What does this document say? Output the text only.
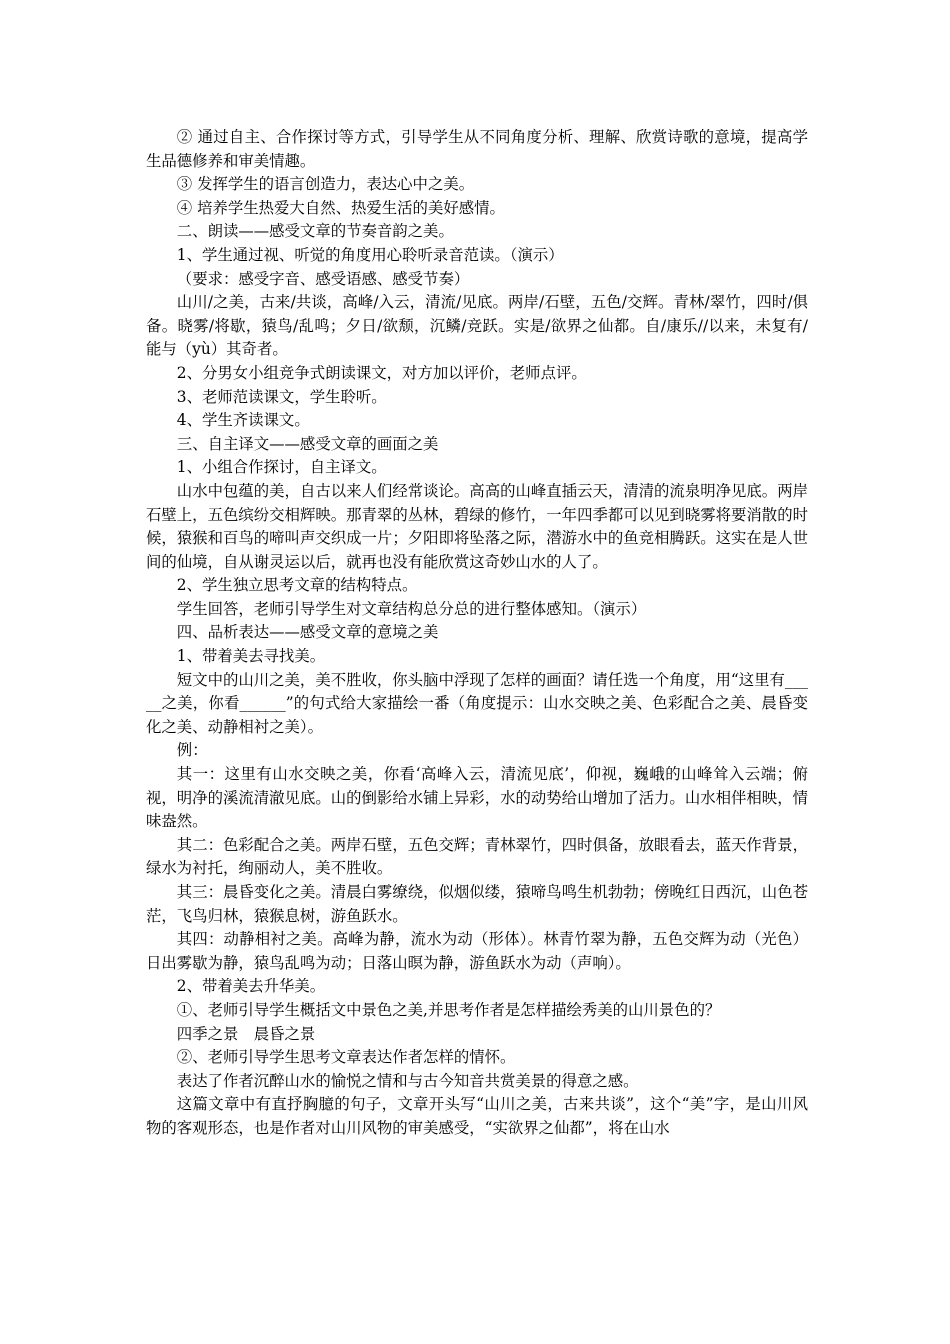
② 通过自主、合作探讨等方式，引导学生从不同角度分析、理解、欣赏诗歌的意境，提高学生品德修养和审美情趣。

③ 发挥学生的语言创造力，表达心中之美。

④ 培养学生热爱大自然、热爱生活的美好感情。

二、朗读——感受文章的节奏音韵之美。

1、学生通过视、听觉的角度用心聆听录音范读。（演示）

（要求：感受字音、感受语感、感受节奏）

山川/之美，古来/共谈，高峰/入云，清流/见底。两岸/石壁，五色/交辉。青林/翠竹，四时/俱备。晓雾/将歇，猿鸟/乱鸣；夕日/欲颓，沉鳞/竞跃。实是/欲界之仙都。自/康乐//以来，未复有/能与（yù）其奇者。

2、分男女小组竞争式朗读课文，对方加以评价，老师点评。

3、老师范读课文，学生聆听。

4、学生齐读课文。

三、自主译文——感受文章的画面之美

1、小组合作探讨，自主译文。

山水中包蕴的美，自古以来人们经常谈论。高高的山峰直插云天，清清的流泉明净见底。两岸石壁上，五色缤纷交相辉映。那青翠的丛林，碧绿的修竹，一年四季都可以见到晓雾将要消散的时候，猿猴和百鸟的啼叫声交织成一片；夕阳即将坠落之际，潜游水中的鱼竞相腾跃。这实在是人世间的仙境，自从谢灵运以后，就再也没有能欣赏这奇妙山水的人了。

2、学生独立思考文章的结构特点。

学生回答，老师引导学生对文章结构总分总的进行整体感知。（演示）

四、品析表达——感受文章的意境之美

1、带着美去寻找美。

短文中的山川之美，美不胜收，你头脑中浮现了怎样的画面？请任选一个角度，用“这里有_____之美，你看______”的句式给大家描绘一番（角度提示：山水交映之美、色彩配合之美、晨昏变化之美、动静相衬之美）。

例：

其一：这里有山水交映之美，你看‘高峰入云，清流见底’，仰视，巍峨的山峰耸入云端；俯视，明净的溪流清澈见底。山的倒影给水铺上异彩，水的动势给山增加了活力。山水相伴相映，情味盎然。

其二：色彩配合之美。两岸石壁，五色交辉；青林翠竹，四时俱备，放眼看去，蓝天作背景，绿水为衬托，绚丽动人，美不胜收。

其三：晨昏变化之美。清晨白雾缭绕，似烟似缕，猿啼鸟鸣生机勃勃；傍晚红日西沉，山色苍茫，飞鸟归林，猿猴息树，游鱼跃水。

其四：动静相衬之美。高峰为静，流水为动（形体）。林青竹翠为静，五色交辉为动（光色）日出雾歇为静，猿鸟乱鸣为动；日落山暝为静，游鱼跃水为动（声响）。

2、带着美去升华美。

①、老师引导学生概括文中景色之美,并思考作者是怎样描绘秀美的山川景色的？

四季之景　晨昏之景

②、老师引导学生思考文章表达作者怎样的情怀。

表达了作者沉醉山水的愉悦之情和与古今知音共赏美景的得意之感。

这篇文章中有直抒胸臆的句子，文章开头写“山川之美，古来共谈”，这个“美”字，是山川风物的客观形态，也是作者对山川风物的审美感受，“实欲界之仙都”，将在山水
